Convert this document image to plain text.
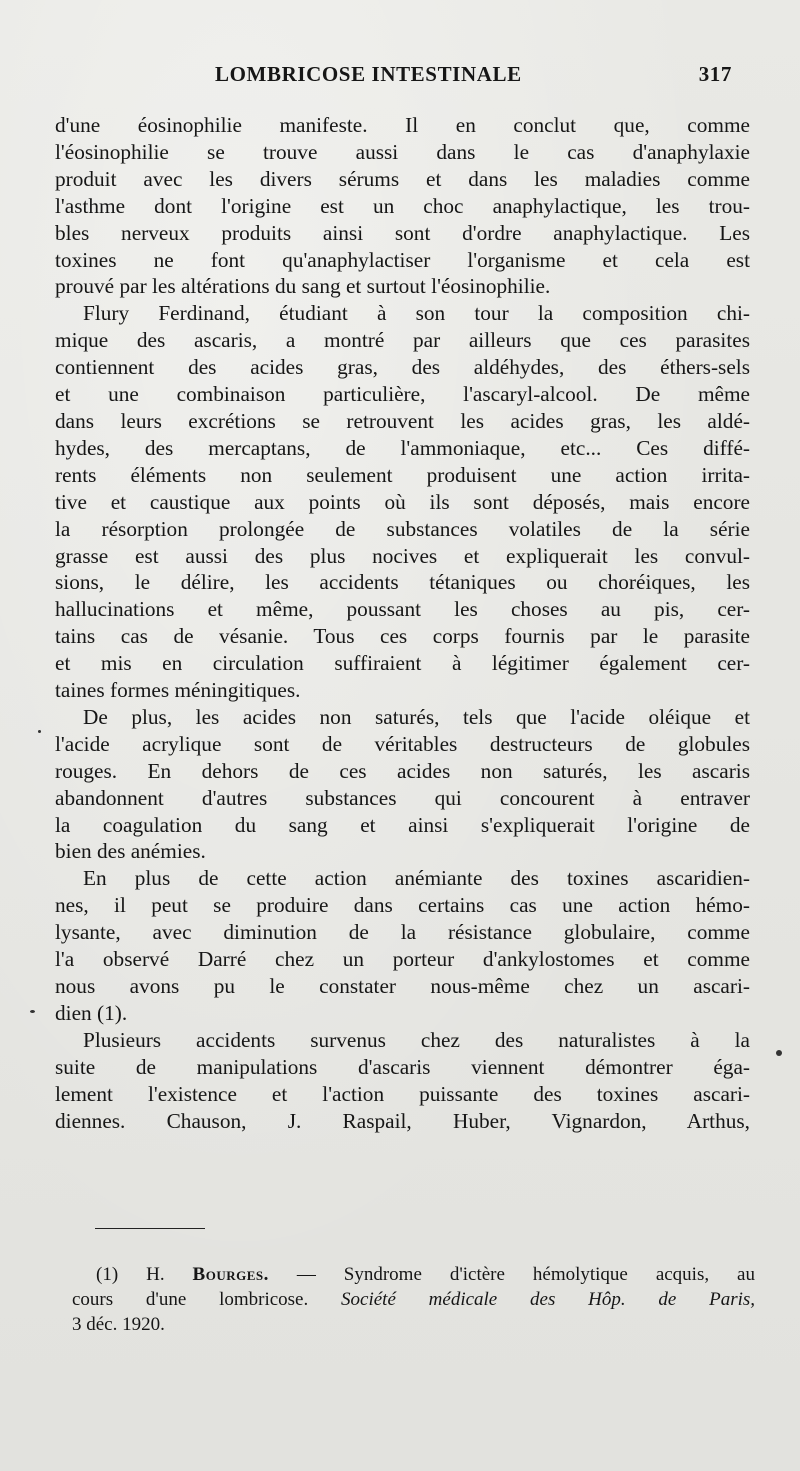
LOMBRICOSE INTESTINALE	317
d'une éosinophilie manifeste. Il en conclut que, comme
l'éosinophilie se trouve aussi dans le cas d'anaphylaxie
produit avec les divers sérums et dans les maladies comme
l'asthme dont l'origine est un choc anaphylactique, les trou-
bles nerveux produits ainsi sont d'ordre anaphylactique. Les
toxines ne font qu'anaphylactiser l'organisme et cela est
prouvé par les altérations du sang et surtout l'éosinophilie.
Flury Ferdinand, étudiant à son tour la composition chi-
mique des ascaris, a montré par ailleurs que ces parasites
contiennent des acides gras, des aldéhydes, des éthers-sels
et une combinaison particulière, l'ascaryl-alcool. De même
dans leurs excrétions se retrouvent les acides gras, les aldé-
hydes, des mercaptans, de l'ammoniaque, etc... Ces diffé-
rents éléments non seulement produisent une action irrita-
tive et caustique aux points où ils sont déposés, mais encore
la résorption prolongée de substances volatiles de la série
grasse est aussi des plus nocives et expliquerait les convul-
sions, le délire, les accidents tétaniques ou choréiques, les
hallucinations et même, poussant les choses au pis, cer-
tains cas de vésanie. Tous ces corps fournis par le parasite
et mis en circulation suffiraient à légitimer également cer-
taines formes méningitiques.
De plus, les acides non saturés, tels que l'acide oléique et
l'acide acrylique sont de véritables destructeurs de globules
rouges. En dehors de ces acides non saturés, les ascaris
abandonnent d'autres substances qui concourent à entraver
la coagulation du sang et ainsi s'expliquerait l'origine de
bien des anémies.
En plus de cette action anémiante des toxines ascaridien-
nes, il peut se produire dans certains cas une action hémo-
lysante, avec diminution de la résistance globulaire, comme
l'a observé Darré chez un porteur d'ankylostomes et comme
nous avons pu le constater nous-même chez un ascari-
dien (1).
Plusieurs accidents survenus chez des naturalistes à la
suite de manipulations d'ascaris viennent démontrer éga-
lement l'existence et l'action puissante des toxines ascari-
diennes. Chauson, J. Raspail, Huber, Vignardon, Arthus,
(1) H. Bourges. — Syndrome d'ictère hémolytique acquis, au
cours d'une lombricose. Société médicale des Hôp. de Paris,
3 déc. 1920.
